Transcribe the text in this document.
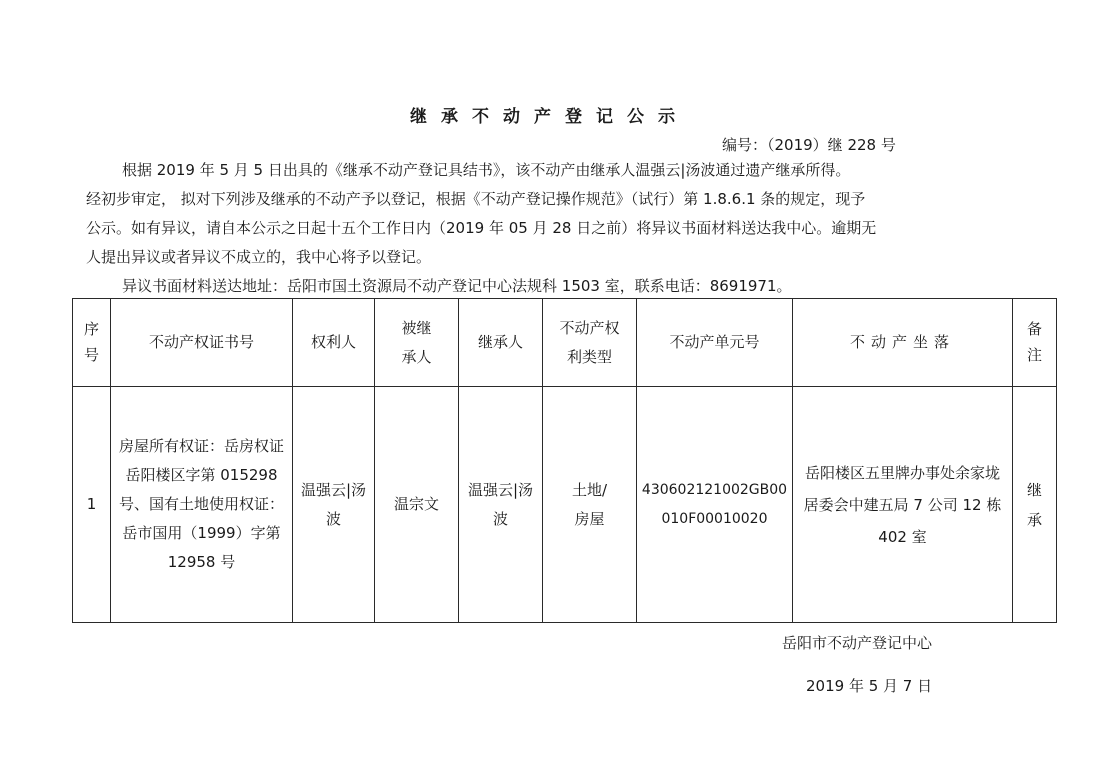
继承不动产登记公示
编号：（2019）继 228 号

根据 2019 年 5 月 5 日出具的《继承不动产登记具结书》，该不动产由继承人温强云|汤波通过遗产继承所得。

经初步审定， 拟对下列涉及继承的不动产予以登记，根据《不动产登记操作规范》（试行）第 1.8.6.1 条的规定，现予

公示。如有异议，请自本公示之日起十五个工作日内（2019 年 05 月 28 日之前）将异议书面材料送达我中心。逾期无

人提出异议或者异议不成立的，我中心将予以登记。

异议书面材料送达地址：岳阳市国土资源局不动产登记中心法规科 1503 室，联系电话：8691971。

序号	不动产权证书号	权利人	被继承人	继承人	不动产权利类型	不动产单元号	不动产坐落	备注
1	房屋所有权证：岳房权证岳阳楼区字第 015298 号、国有土地使用权证：岳市国用（1999）字第 12958 号	温强云|汤波	温宗文	温强云|汤波	土地/房屋	430602121002GB00010F00010020	岳阳楼区五里牌办事处余家垅居委会中建五局 7 公司 12 栋 402 室	继承
岳阳市不动产登记中心
2019 年 5 月 7 日
